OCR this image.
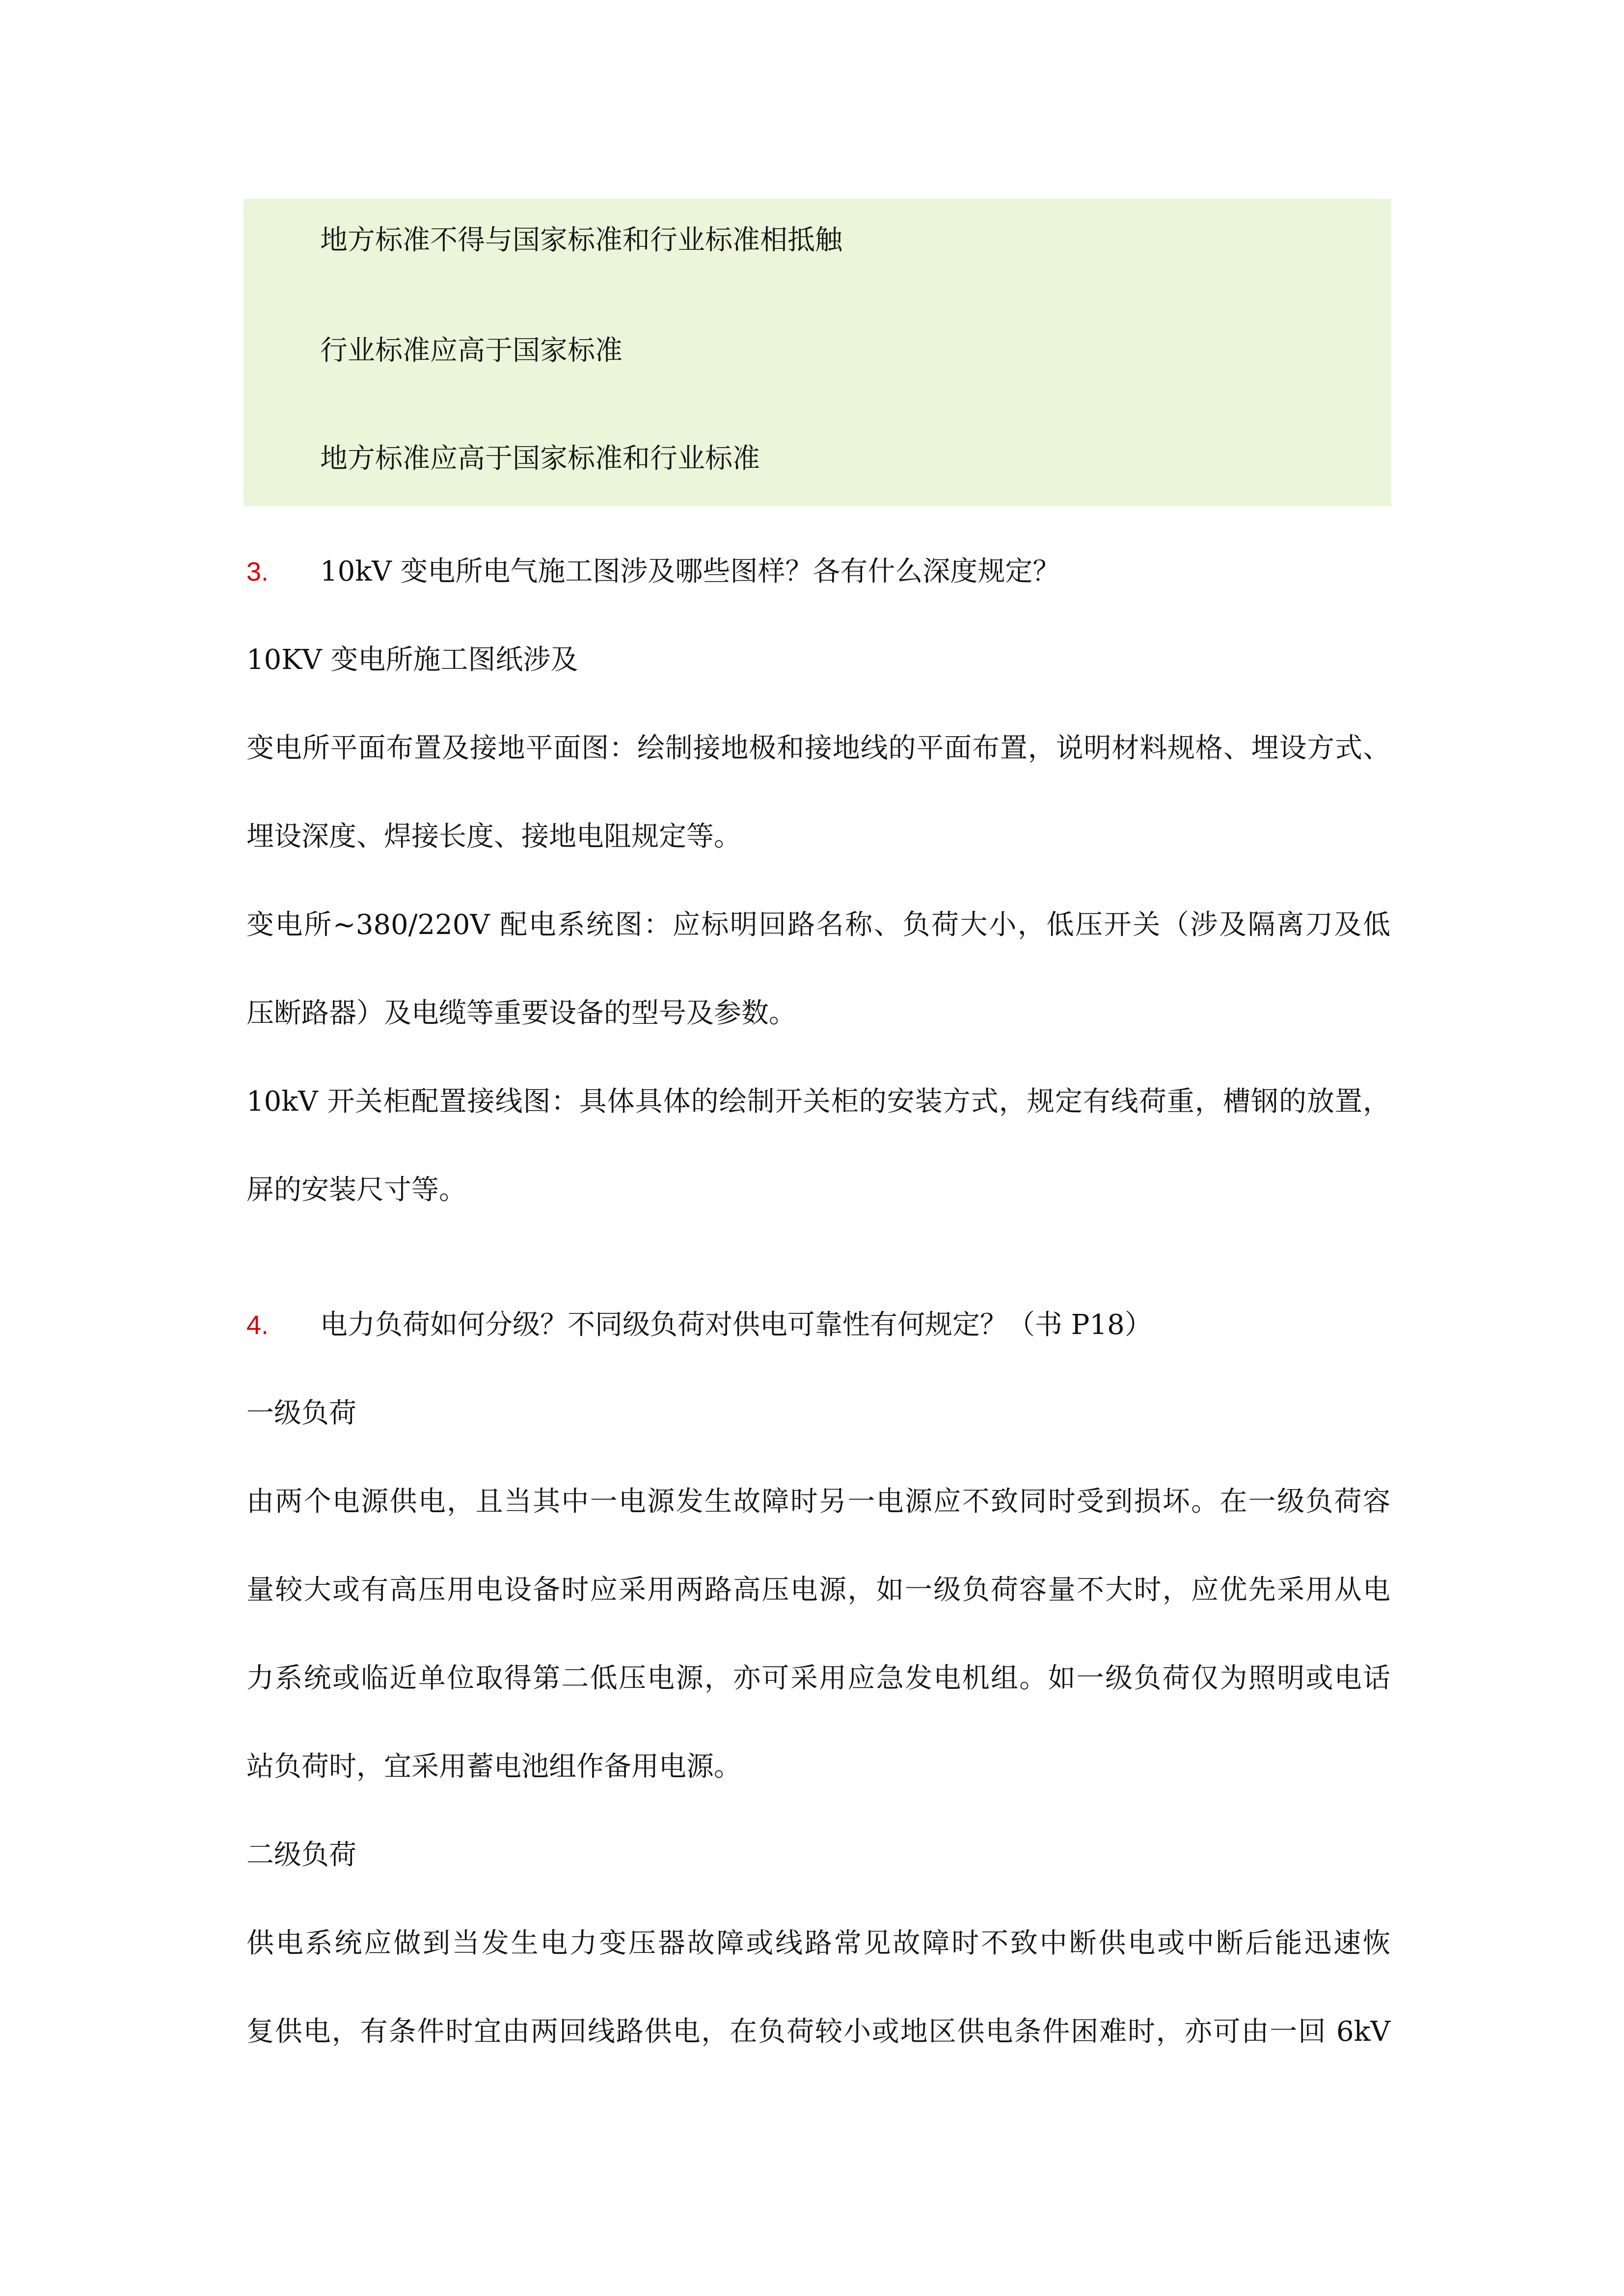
地方标准不得与国家标准和行业标准相抵触
行业标准应高于国家标准
地方标准应高于国家标准和行业标准
3. 10kV 变电所电气施工图涉及哪些图样？各有什么深度规定？
10KV 变电所施工图纸涉及
变电所平面布置及接地平面图：绘制接地极和接地线的平面布置，说明材料规格、埋设方式、
埋设深度、焊接长度、接地电阻规定等。
变电所~380/220V 配电系统图：应标明回路名称、负荷大小，低压开关（涉及隔离刀及低
压断路器）及电缆等重要设备的型号及参数。
10kV 开关柜配置接线图：具体具体的绘制开关柜的安装方式，规定有线荷重，槽钢的放置，
屏的安装尺寸等。
4. 电力负荷如何分级？不同级负荷对供电可靠性有何规定？（书 P18）
一级负荷
由两个电源供电，且当其中一电源发生故障时另一电源应不致同时受到损坏。在一级负荷容
量较大或有高压用电设备时应采用两路高压电源，如一级负荷容量不大时，应优先采用从电
力系统或临近单位取得第二低压电源，亦可采用应急发电机组。如一级负荷仅为照明或电话
站负荷时，宜采用蓄电池组作备用电源。
二级负荷
供电系统应做到当发生电力变压器故障或线路常见故障时不致中断供电或中断后能迅速恢
复供电，有条件时宜由两回线路供电，在负荷较小或地区供电条件困难时，亦可由一回 6kV
